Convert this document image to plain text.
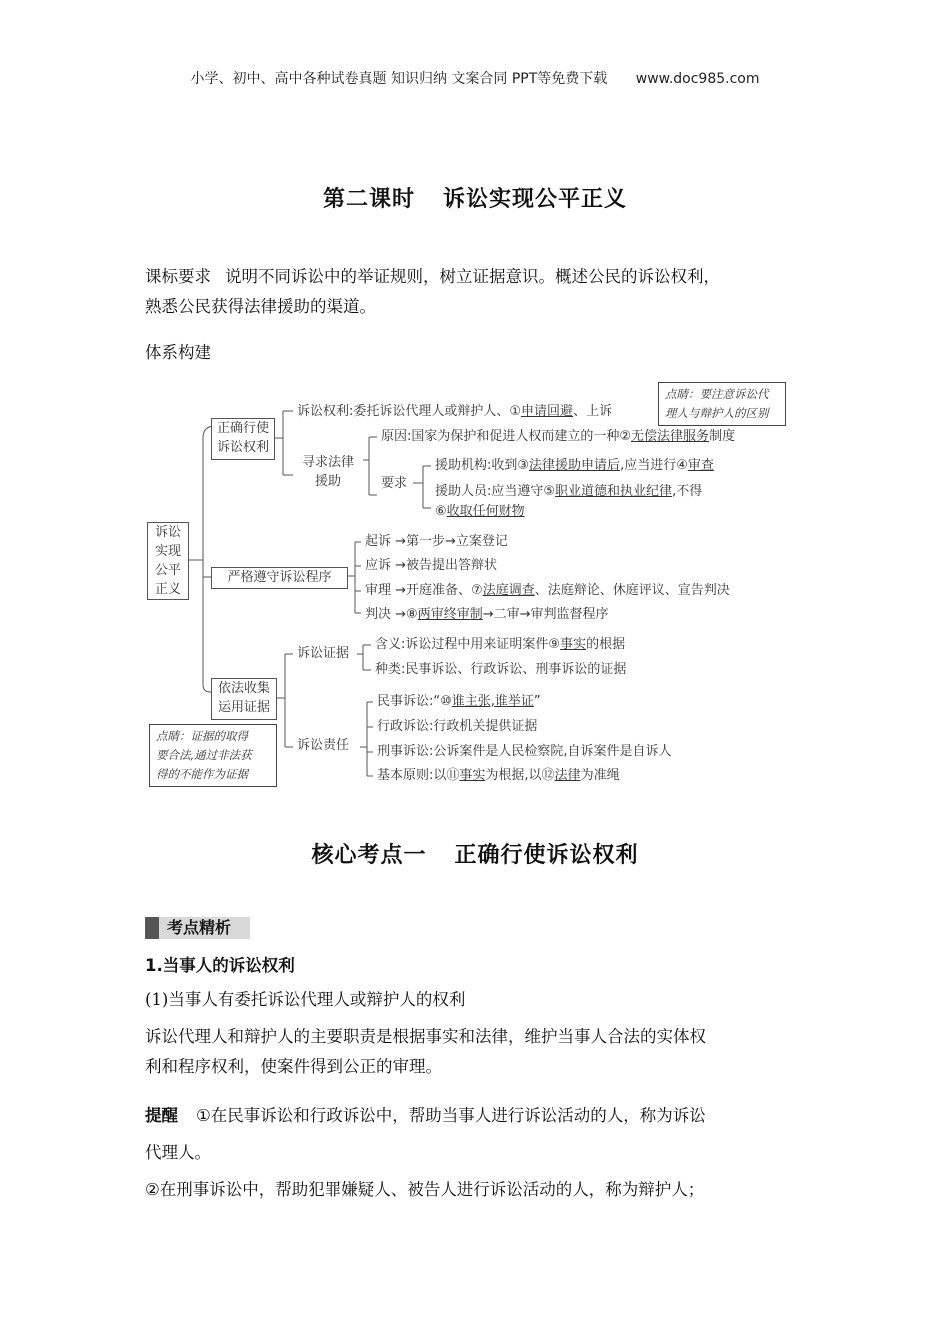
小学、初中、高中各种试卷真题 知识归纳 文案合同 PPT等免费下载 www.doc985.com
第二课时 诉讼实现公平正义
课标要求 说明不同诉讼中的举证规则，树立证据意识。概述公民的诉讼权利，
熟悉公民获得法律援助的渠道。
体系构建
诉讼
实现
公平
正义
正确行使
诉讼权利
诉讼权利:委托诉讼代理人或辩护人、①申请回避、上诉
点睛：要注意诉讼代
理人与辩护人的区别
寻求法律
援助
原因:国家为保护和促进人权而建立的一种②无偿法律服务制度
要求
援助机构:收到③法律援助申请后,应当进行④审查
援助人员:应当遵守⑤职业道德和执业纪律,不得
⑥收取任何财物
严格遵守诉讼程序
起诉 →第一步→立案登记
应诉 →被告提出答辩状
审理 →开庭准备、⑦法庭调查、法庭辩论、休庭评议、宣告判决
判决 →⑧两审终审制→二审→审判监督程序
依法收集
运用证据
诉讼证据
含义:诉讼过程中用来证明案件⑨事实的根据
种类:民事诉讼、行政诉讼、刑事诉讼的证据
诉讼责任
民事诉讼:“⑩谁主张,谁举证”
行政诉讼:行政机关提供证据
刑事诉讼:公诉案件是人民检察院,自诉案件是自诉人
基本原则:以⑪事实为根据,以⑫法律为准绳
点睛：证据的取得
要合法,通过非法获
得的不能作为证据
核心考点一 正确行使诉讼权利
考点精析
1.当事人的诉讼权利
(1)当事人有委托诉讼代理人或辩护人的权利
诉讼代理人和辩护人的主要职责是根据事实和法律，维护当事人合法的实体权
利和程序权利，使案件得到公正的审理。
提醒 ①在民事诉讼和行政诉讼中，帮助当事人进行诉讼活动的人，称为诉讼
代理人。
②在刑事诉讼中，帮助犯罪嫌疑人、被告人进行诉讼活动的人，称为辩护人；
